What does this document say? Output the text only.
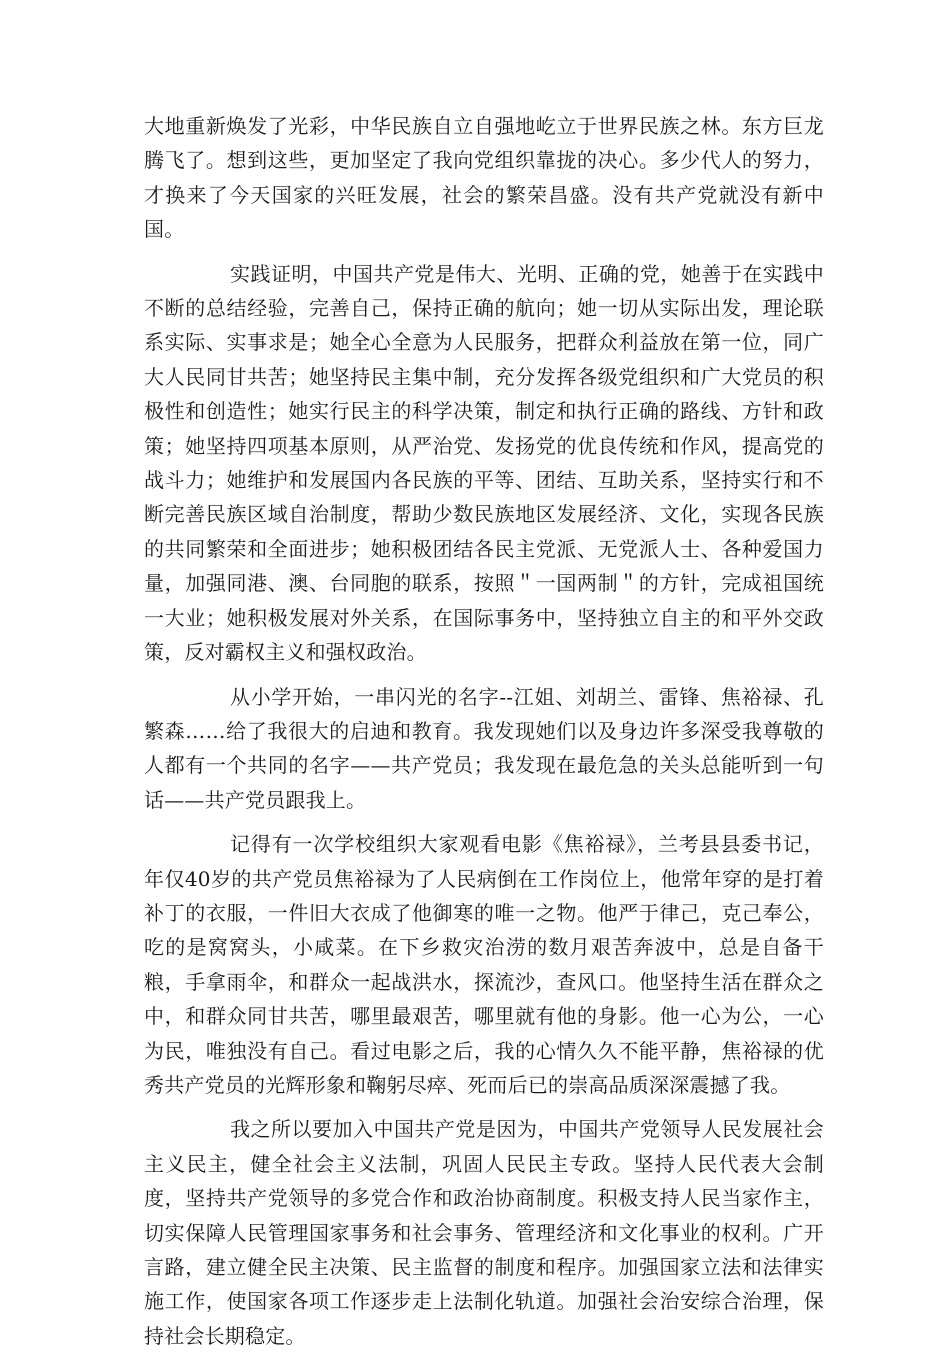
大地重新焕发了光彩，中华民族自立自强地屹立于世界民族之林。东方巨龙腾飞了。想到这些，更加坚定了我向党组织靠拢的决心。多少代人的努力，才换来了今天国家的兴旺发展，社会的繁荣昌盛。没有共产党就没有新中国。

实践证明，中国共产党是伟大、光明、正确的党，她善于在实践中不断的总结经验，完善自己，保持正确的航向；她一切从实际出发，理论联系实际、实事求是；她全心全意为人民服务，把群众利益放在第一位，同广大人民同甘共苦；她坚持民主集中制，充分发挥各级党组织和广大党员的积极性和创造性；她实行民主的科学决策，制定和执行正确的路线、方针和政策；她坚持四项基本原则，从严治党、发扬党的优良传统和作风，提高党的战斗力；她维护和发展国内各民族的平等、团结、互助关系，坚持实行和不断完善民族区域自治制度，帮助少数民族地区发展经济、文化，实现各民族的共同繁荣和全面进步；她积极团结各民主党派、无党派人士、各种爱国力量，加强同港、澳、台同胞的联系，按照＂一国两制＂的方针，完成祖国统一大业；她积极发展对外关系，在国际事务中，坚持独立自主的和平外交政策，反对霸权主义和强权政治。

从小学开始，一串闪光的名字--江姐、刘胡兰、雷锋、焦裕禄、孔繁森……给了我很大的启迪和教育。我发现她们以及身边许多深受我尊敬的人都有一个共同的名字——共产党员；我发现在最危急的关头总能听到一句话——共产党员跟我上。

记得有一次学校组织大家观看电影《焦裕禄》，兰考县县委书记，年仅40岁的共产党员焦裕禄为了人民病倒在工作岗位上，他常年穿的是打着补丁的衣服，一件旧大衣成了他御寒的唯一之物。他严于律己，克己奉公，吃的是窝窝头，小咸菜。在下乡救灾治涝的数月艰苦奔波中，总是自备干粮，手拿雨伞，和群众一起战洪水，探流沙，查风口。他坚持生活在群众之中，和群众同甘共苦，哪里最艰苦，哪里就有他的身影。他一心为公，一心为民，唯独没有自己。看过电影之后，我的心情久久不能平静，焦裕禄的优秀共产党员的光辉形象和鞠躬尽瘁、死而后已的崇高品质深深震撼了我。

我之所以要加入中国共产党是因为，中国共产党领导人民发展社会主义民主，健全社会主义法制，巩固人民民主专政。坚持人民代表大会制度，坚持共产党领导的多党合作和政治协商制度。积极支持人民当家作主，切实保障人民管理国家事务和社会事务、管理经济和文化事业的权利。广开言路，建立健全民主决策、民主监督的制度和程序。加强国家立法和法律实施工作，使国家各项工作逐步走上法制化轨道。加强社会治安综合治理，保持社会长期稳定。
